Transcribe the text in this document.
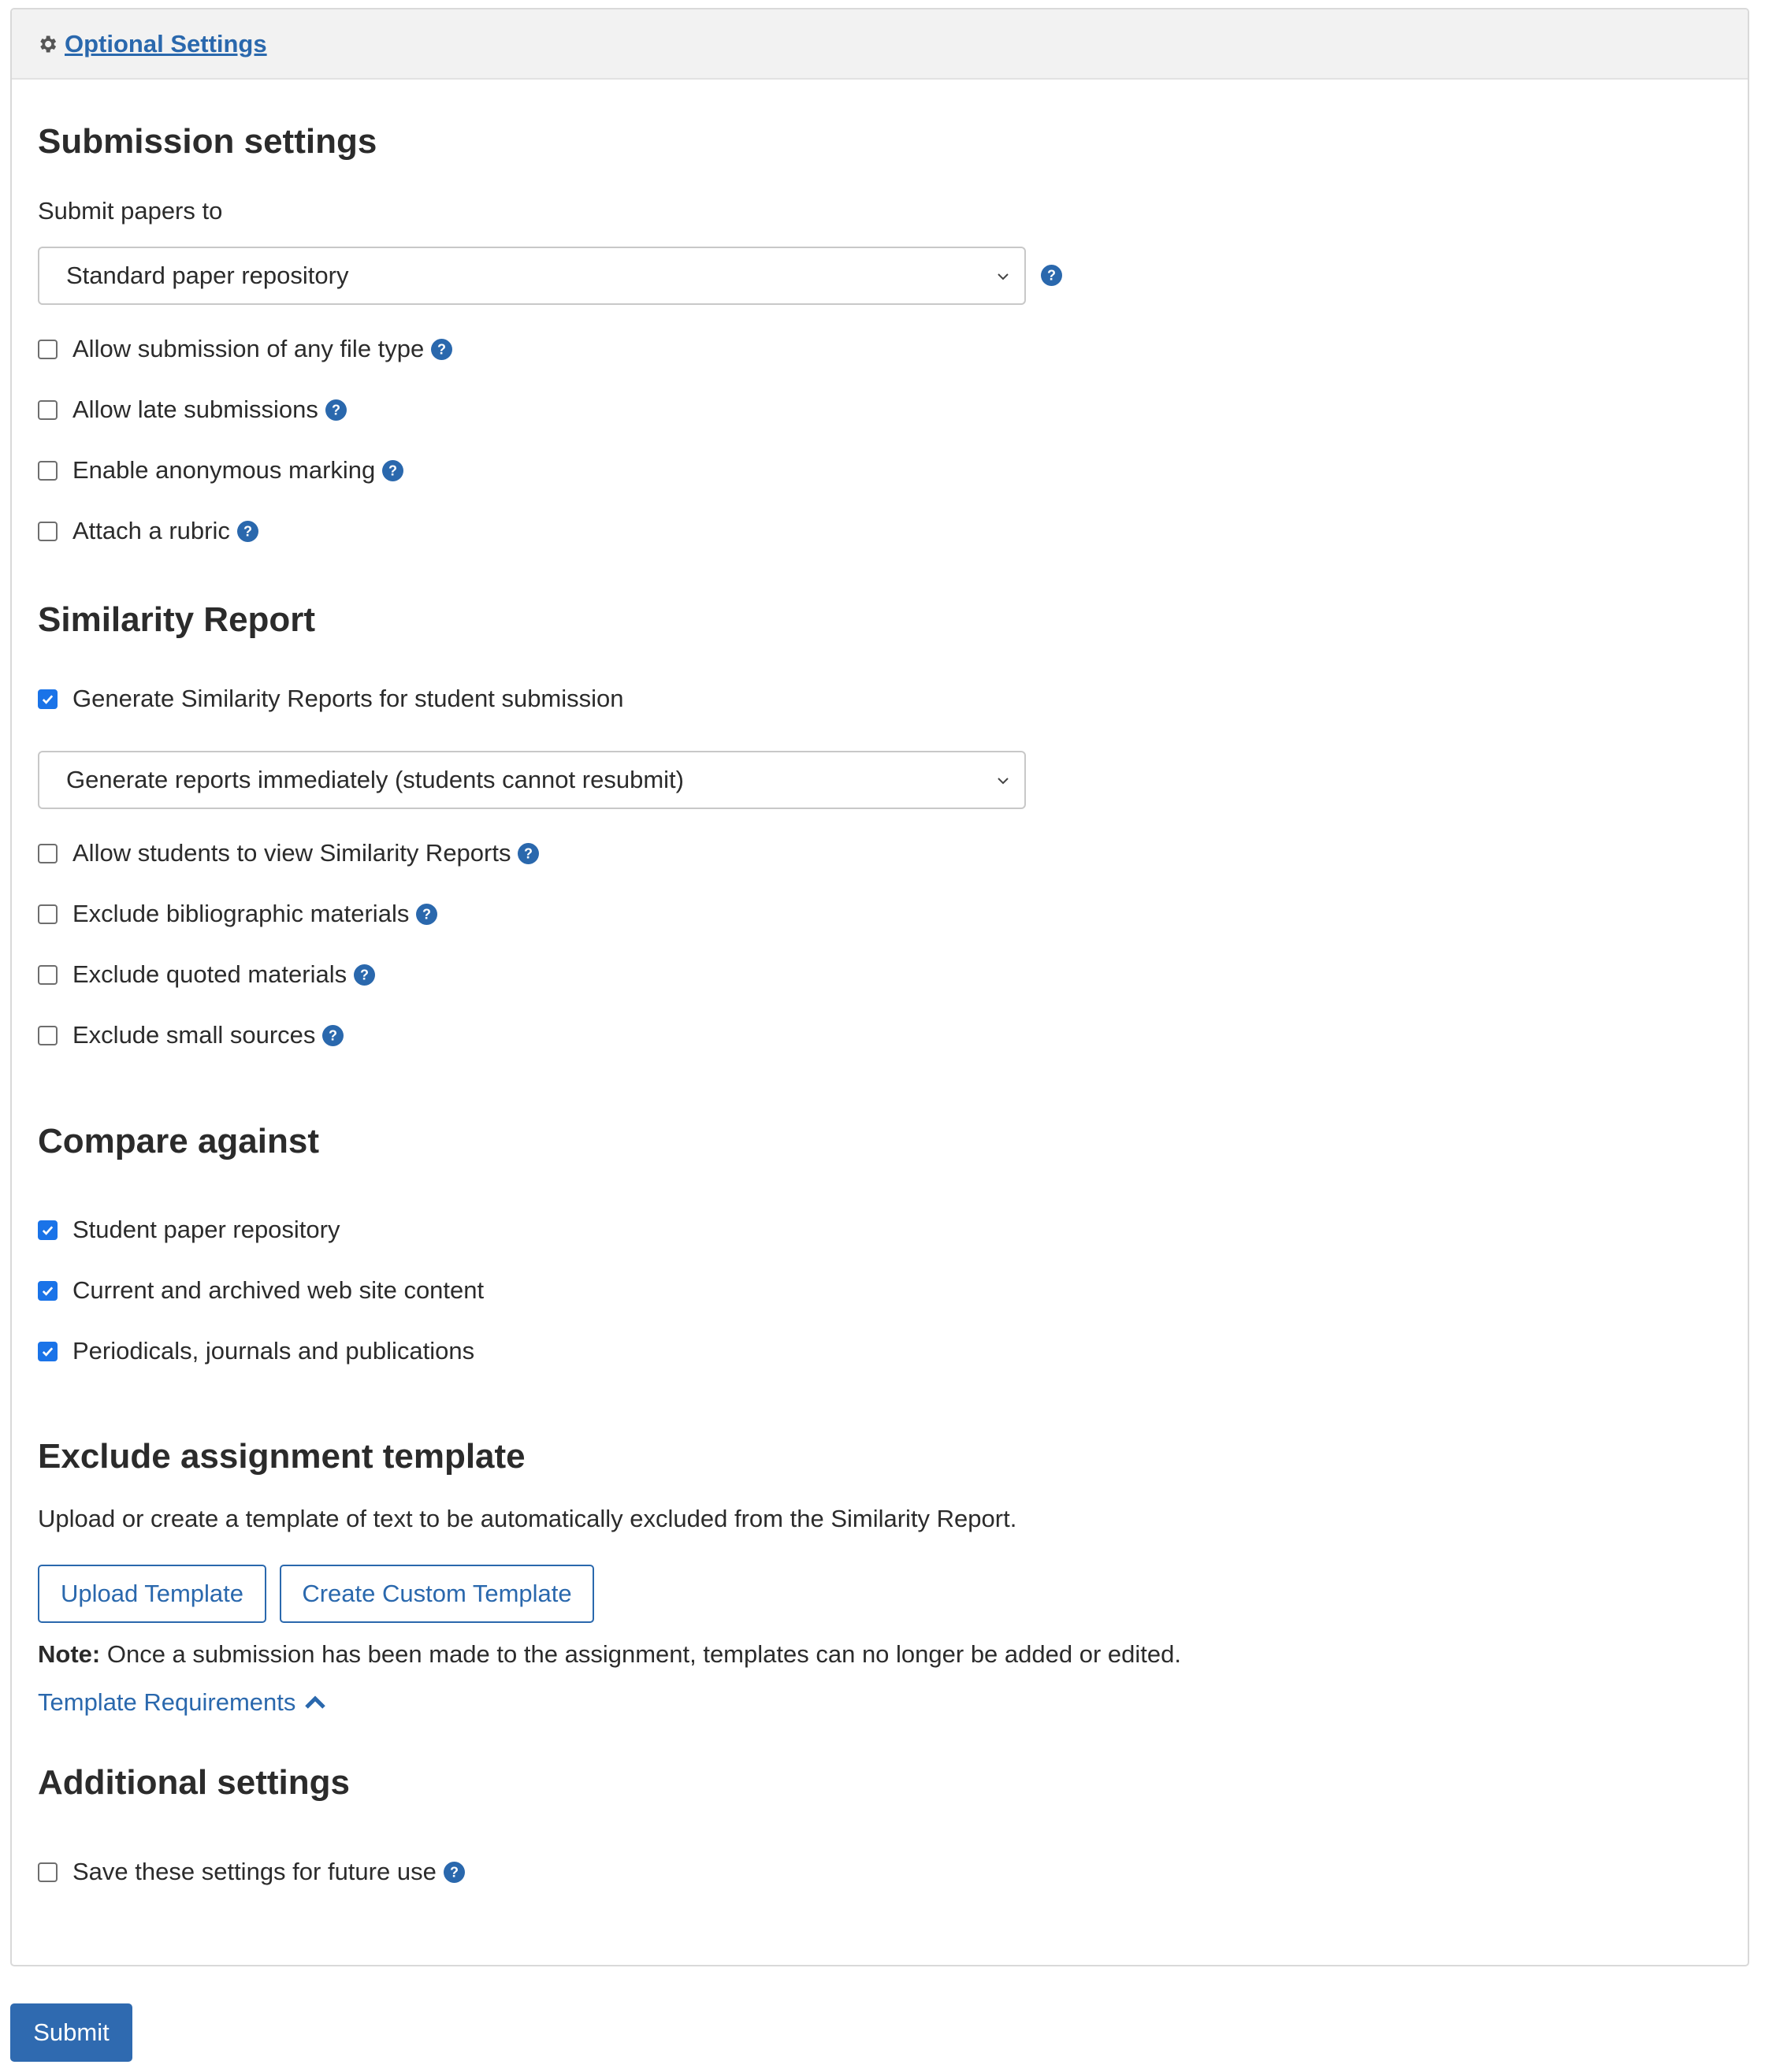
Optional Settings
Submission settings
Submit papers to
Standard paper repository	?
Allow submission of any file type ?
Allow late submissions ?
Enable anonymous marking ?
Attach a rubric ?
Similarity Report
Generate Similarity Reports for student submission
Generate reports immediately (students cannot resubmit)
Allow students to view Similarity Reports ?
Exclude bibliographic materials ?
Exclude quoted materials ?
Exclude small sources ?
Compare against
Student paper repository
Current and archived web site content
Periodicals, journals and publications
Exclude assignment template
Upload or create a template of text to be automatically excluded from the Similarity Report.
Upload Template	Create Custom Template
Note: Once a submission has been made to the assignment, templates can no longer be added or edited.
Template Requirements
Additional settings
Save these settings for future use ?
Submit
